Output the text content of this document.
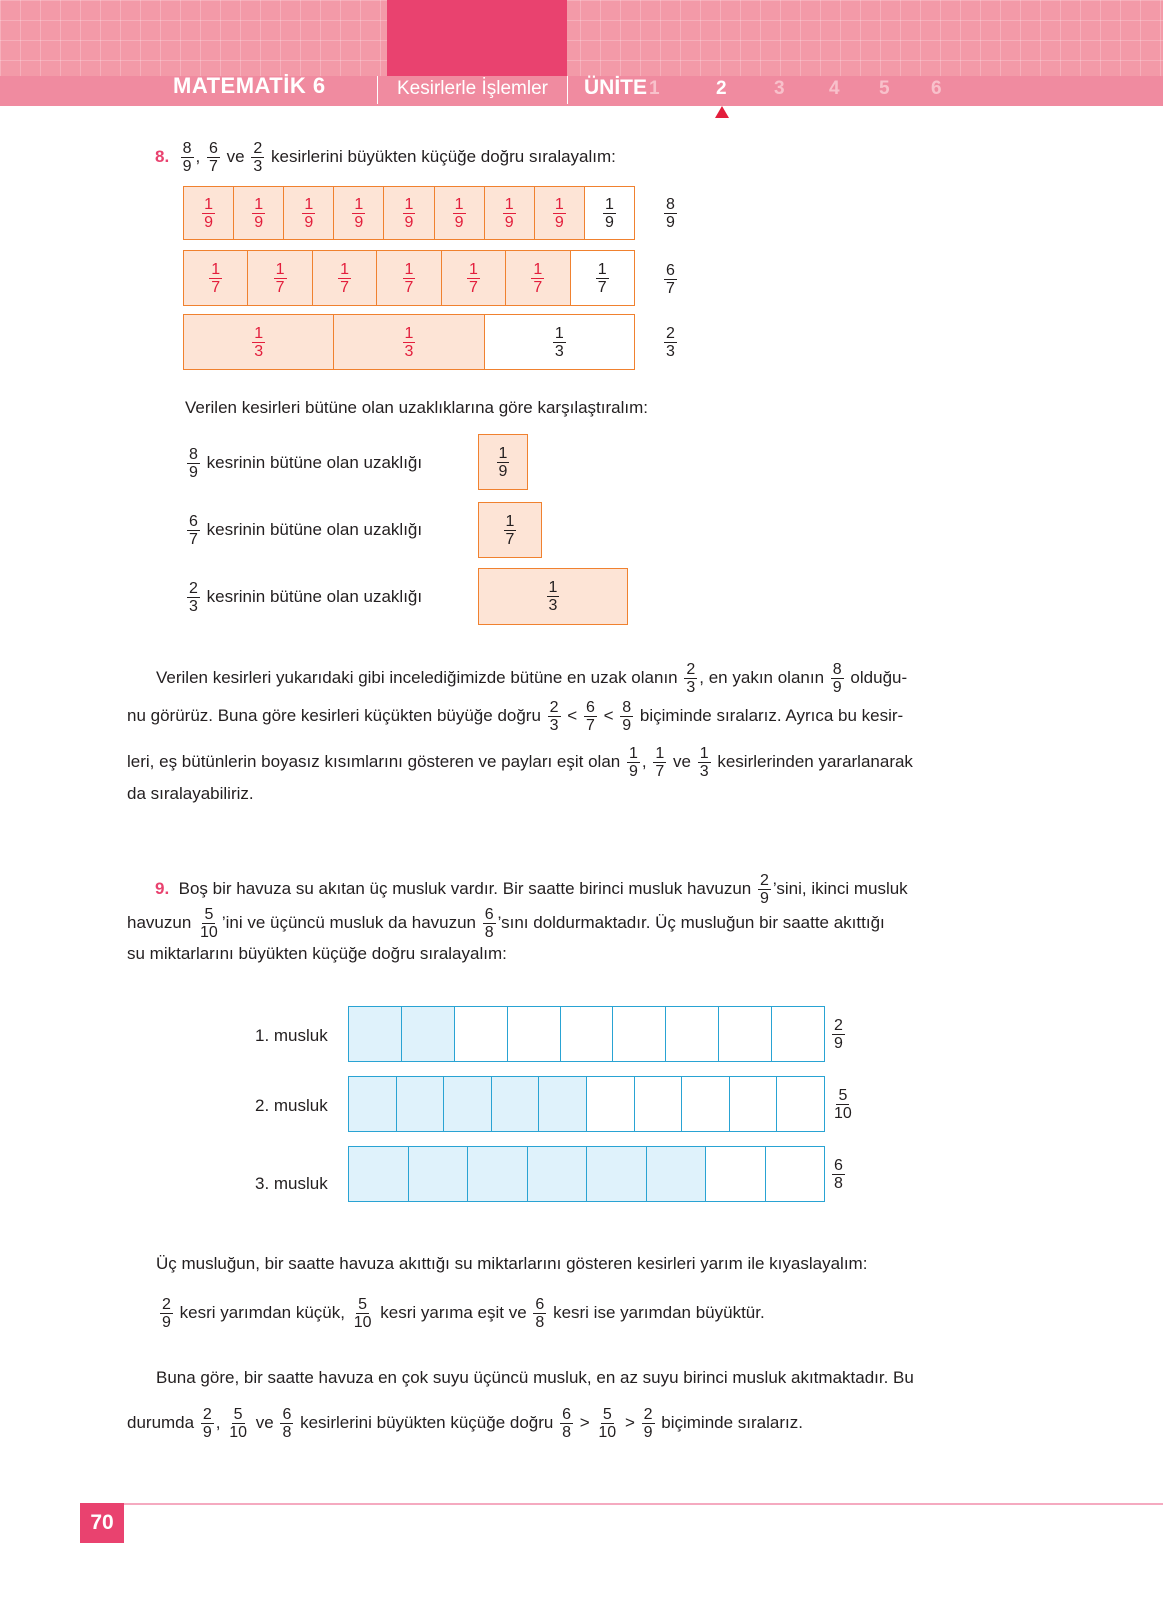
MATEMATİK 6	Kesirlerle İşlemler ÜNİTE 1	2 3 4 5 6
8. $\frac{8}{9}$ , $\frac{6}{7}$ ve $\frac{2}{3}$ kesirlerini büyükten küçüğe doğru sıralayalım:
1
9
1
9
1
9
1
9
1
9
1
9
1
9
1
9
1
9	$\frac{8}{9}$
1
7
1
7
1
7
1
7
1
7
1
7
1
7	$\frac{6}{7}$
1
3
1
3
1
3	$\frac{2}{3}$
Verilen kesirleri bütüne olan uzaklıklarına göre karşılaştıralım:
$\frac{8}{9}$ kesrinin bütüne olan uzaklığı	1
9
$\frac{6}{7}$ kesrinin bütüne olan uzaklığı	1
7
$\frac{2}{3}$ kesrinin bütüne olan uzaklığı	1
3
Verilen kesirleri yukarıdaki gibi incelediğimizde bütüne en uzak olanın $\frac{2}{3}$ , en yakın olanın $\frac{8}{9}$ olduğu-
nu görürüz. Buna göre kesirleri küçükten büyüğe doğru $\frac{2}{3} < \frac{6}{7} < \frac{8}{9}$ biçiminde sıralarız. Ayrıca bu kesir-
leri, eş bütünlerin boyasız kısımlarını gösteren ve payları eşit olan $\frac{1}{9}$ , $\frac{1}{7}$ ve $\frac{1}{3}$ kesirlerinden yararlanarak
da sıralayabiliriz.
9. Boş bir havuza su akıtan üç musluk vardır. Bir saatte birinci musluk havuzun $\frac{2}{9}$ ’sini, ikinci musluk
havuzun $\frac{5}{10}$ ’ini ve üçüncü musluk da havuzun $\frac{6}{8}$ ’sını doldurmaktadır. Üç musluğun bir saatte akıttığı
su miktarlarını büyükten küçüğe doğru sıralayalım:
1. musluk	$\frac{2}{9}$
2. musluk	$\frac{5}{10}$
3. musluk	$\frac{6}{8}$
Üç musluğun, bir saatte havuza akıttığı su miktarlarını gösteren kesirleri yarım ile kıyaslayalım:
$\frac{2}{9}$ kesri yarımdan küçük, $\frac{5}{10}$ kesri yarıma eşit ve $\frac{6}{8}$ kesri ise yarımdan büyüktür.
Buna göre, bir saatte havuza en çok suyu üçüncü musluk, en az suyu birinci musluk akıtmaktadır. Bu
durumda $\frac{2}{9}$ , $\frac{5}{10}$ ve $\frac{6}{8}$ kesirlerini büyükten küçüğe doğru $\frac{6}{8} > \frac{5}{10} > \frac{2}{9}$ biçiminde sıralarız.
70
